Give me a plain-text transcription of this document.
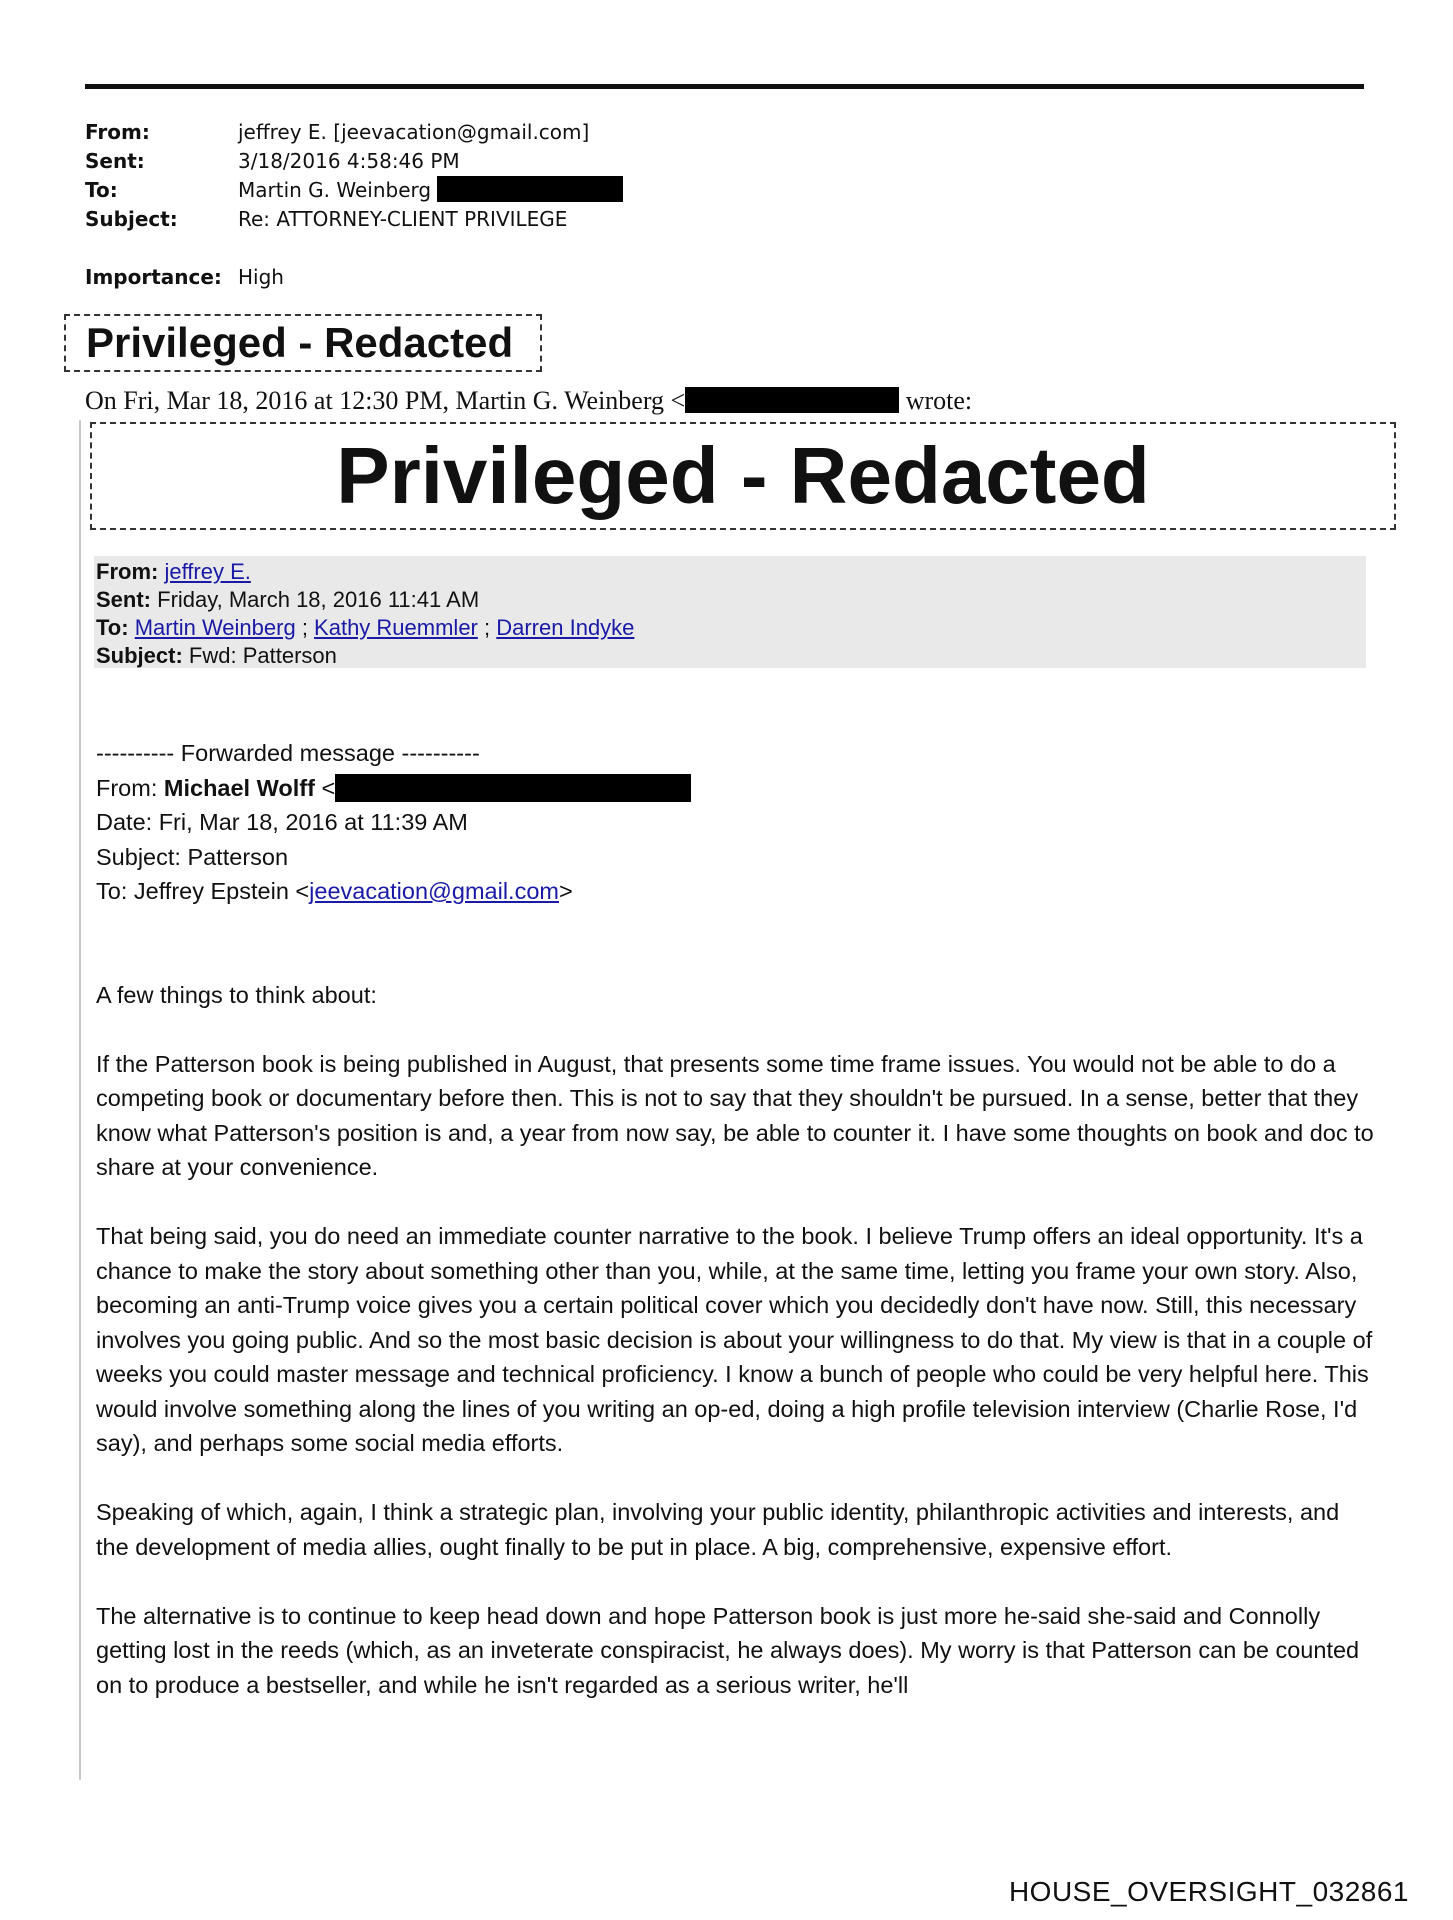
From:	jeffrey E. [jeevacation@gmail.com]
Sent:	3/18/2016 4:58:46 PM
To:	Martin G. Weinberg
Subject:	Re: ATTORNEY-CLIENT PRIVILEGE
Importance: High
Privileged - Redacted
On Fri, Mar 18, 2016 at 12:30 PM, Martin G. Weinberg <	wrote:
Privileged - Redacted
From: jeffrey E.
Sent: Friday, March 18, 2016 11:41 AM
To: Martin Weinberg ; Kathy Ruemmler ; Darren Indyke
Subject: Fwd: Patterson

---------- Forwarded message ----------

From: Michael Wolff <

Date: Fri, Mar 18, 2016 at 11:39 AM

Subject: Patterson

To: Jeffrey Epstein <jeevacation@gmail.com>

A few things to think about:

If the Patterson book is being published in August, that presents some time frame issues. You would not be able to do a competing book or documentary before then. This is not to say that they shouldn't be pursued. In a sense, better that they know what Patterson's position is and, a year from now say, be able to counter it. I have some thoughts on book and doc to share at your convenience.

That being said, you do need an immediate counter narrative to the book. I believe Trump offers an ideal opportunity. It's a chance to make the story about something other than you, while, at the same time, letting you frame your own story. Also, becoming an anti-Trump voice gives you a certain political cover which you decidedly don't have now. Still, this necessary involves you going public. And so the most basic decision is about your willingness to do that. My view is that in a couple of weeks you could master message and technical proficiency. I know a bunch of people who could be very helpful here. This would involve something along the lines of you writing an op-ed, doing a high profile television interview (Charlie Rose, I'd say), and perhaps some social media efforts.

Speaking of which, again, I think a strategic plan, involving your public identity, philanthropic activities and interests, and the development of media allies, ought finally to be put in place. A big, comprehensive, expensive effort.

The alternative is to continue to keep head down and hope Patterson book is just more he-said she-said and Connolly getting lost in the reeds (which, as an inveterate conspiracist, he always does). My worry is that Patterson can be counted on to produce a bestseller, and while he isn't regarded as a serious writer, he'll

HOUSE_OVERSIGHT_032861
